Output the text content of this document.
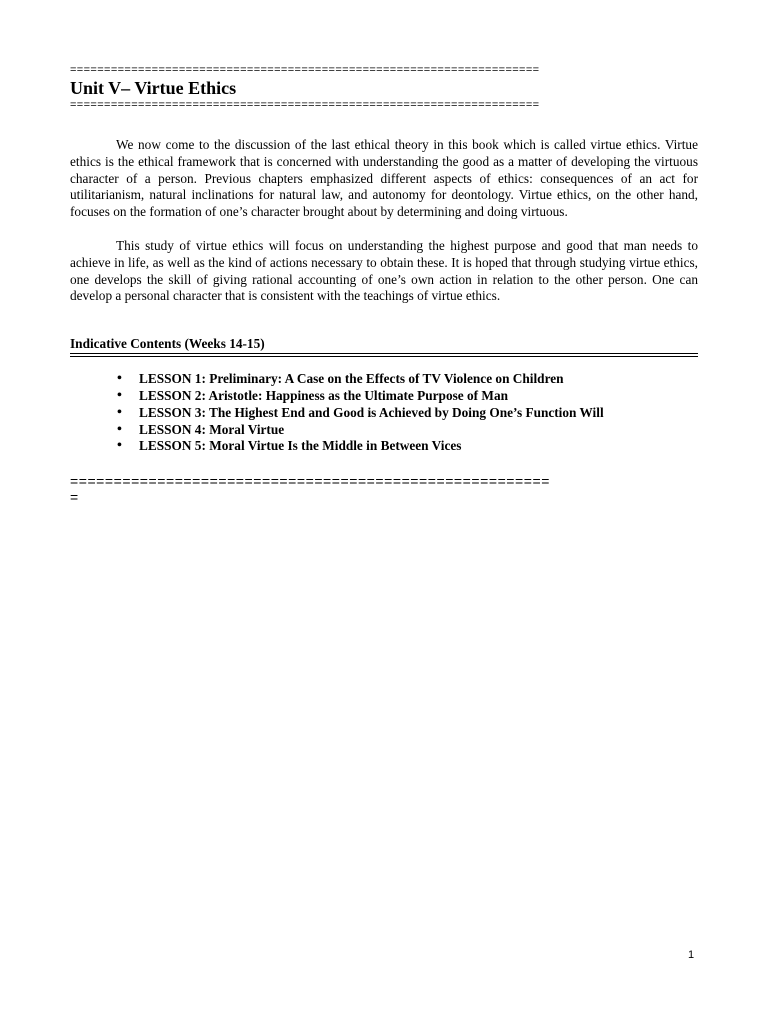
=====================================================================
Unit V– Virtue Ethics
=====================================================================

We now come to the discussion of the last ethical theory in this book which is called virtue ethics. Virtue ethics is the ethical framework that is concerned with understanding the good as a matter of developing the virtuous character of a person. Previous chapters emphasized different aspects of ethics: consequences of an act for utilitarianism, natural inclinations for natural law, and autonomy for deontology. Virtue ethics, on the other hand, focuses on the formation of one’s character brought about by determining and doing virtuous.

This study of virtue ethics will focus on understanding the highest purpose and good that man needs to achieve in life, as well as the kind of actions necessary to obtain these. It is hoped that through studying virtue ethics, one develops the skill of giving rational accounting of one’s own action in relation to the other person. One can develop a personal character that is consistent with the teachings of virtue ethics.

Indicative Contents (Weeks 14-15)
• LESSON 1: Preliminary: A Case on the Effects of TV Violence on Children
• LESSON 2: Aristotle: Happiness as the Ultimate Purpose of Man
• LESSON 3: The Highest End and Good is Achieved by Doing One’s Function Will
• LESSON 4: Moral Virtue
• LESSON 5: Moral Virtue Is the Middle in Between Vices
=======================================================
=
1
